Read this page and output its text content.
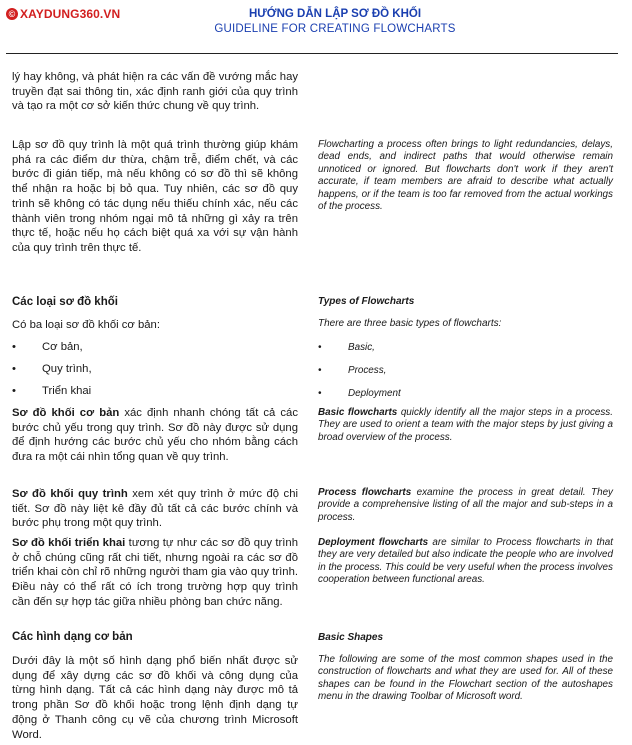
© XAYDUNG360.VN	HƯỚNG DẪN LẬP SƠ ĐỒ KHỐI
GUIDELINE FOR CREATING FLOWCHARTS
lý hay không, và phát hiện ra các vấn đề vướng mắc hay truyền đạt sai thông tin, xác định ranh giới của quy trình và tạo ra một cơ sở kiến thức chung về quy trình.
Lập sơ đồ quy trình là một quá trình thường giúp khám phá ra các điểm dư thừa, chậm trễ, điểm chết, và các bước đi gián tiếp, mà nếu không có sơ đồ thì sẽ không thể nhận ra hoặc bị bỏ qua. Tuy nhiên, các sơ đồ quy trình sẽ không có tác dụng nếu thiếu chính xác, nếu các thành viên trong nhóm ngại mô tả những gì xảy ra trên thực tế, hoặc nếu họ cách biệt quá xa với sự vận hành của quy trình trên thực tế.
Flowcharting a process often brings to light redundancies, delays, dead ends, and indirect paths that would otherwise remain unnoticed or ignored. But flowcharts don't work if they aren't accurate, if team members are afraid to describe what actually happens, or if the team is too far removed from the actual workings of the process.
Các loại sơ đồ khối	Types of Flowcharts
Có ba loại sơ đồ khối cơ bản:	There are three basic types of flowcharts:
• Cơ bản,
• Quy trình,
• Triển khai
•	Basic,
•	Process,
•	Deployment
Sơ đồ khối cơ bản xác định nhanh chóng tất cả các bước chủ yếu trong quy trình. Sơ đồ này được sử dụng để định hướng các bước chủ yếu cho nhóm bằng cách đưa ra một cái nhìn tổng quan về quy trình.
Basic flowcharts quickly identify all the major steps in a process. They are used to orient a team with the major steps by just giving a broad overview of the process.
Sơ đồ khối quy trình xem xét quy trình ở mức độ chi tiết. Sơ đồ này liệt kê đầy đủ tất cả các bước chính và bước phụ trong một quy trình.
Process flowcharts examine the process in great detail. They provide a comprehensive listing of all the major and sub-steps in a process.
Sơ đồ khối triển khai tương tự như các sơ đồ quy trình ở chỗ chúng cũng rất chi tiết, nhưng ngoài ra các sơ đồ triển khai còn chỉ rõ những người tham gia vào quy trình. Điều này có thể rất có ích trong trường hợp quy trình cần đến sự hợp tác giữa nhiều phòng ban chức năng.
Deployment flowcharts are similar to Process flowcharts in that they are very detailed but also indicate the people who are involved in the process. This could be very useful when the process involves cooperation between functional areas.
Các hình dạng cơ bản	Basic Shapes
Dưới đây là một số hình dạng phổ biến nhất được sử dụng để xây dựng các sơ đồ khối và công dụng của từng hình dạng. Tất cả các hình dạng này được mô tả trong phần Sơ đồ khối hoặc trong lệnh định dạng tự động ở Thanh công cụ vẽ của chương trình Microsoft Word.
The following are some of the most common shapes used in the construction of flowcharts and what they are used for. All of these shapes can be found in the Flowchart section of the autoshapes menu in the drawing Toolbar of Microsoft word.
